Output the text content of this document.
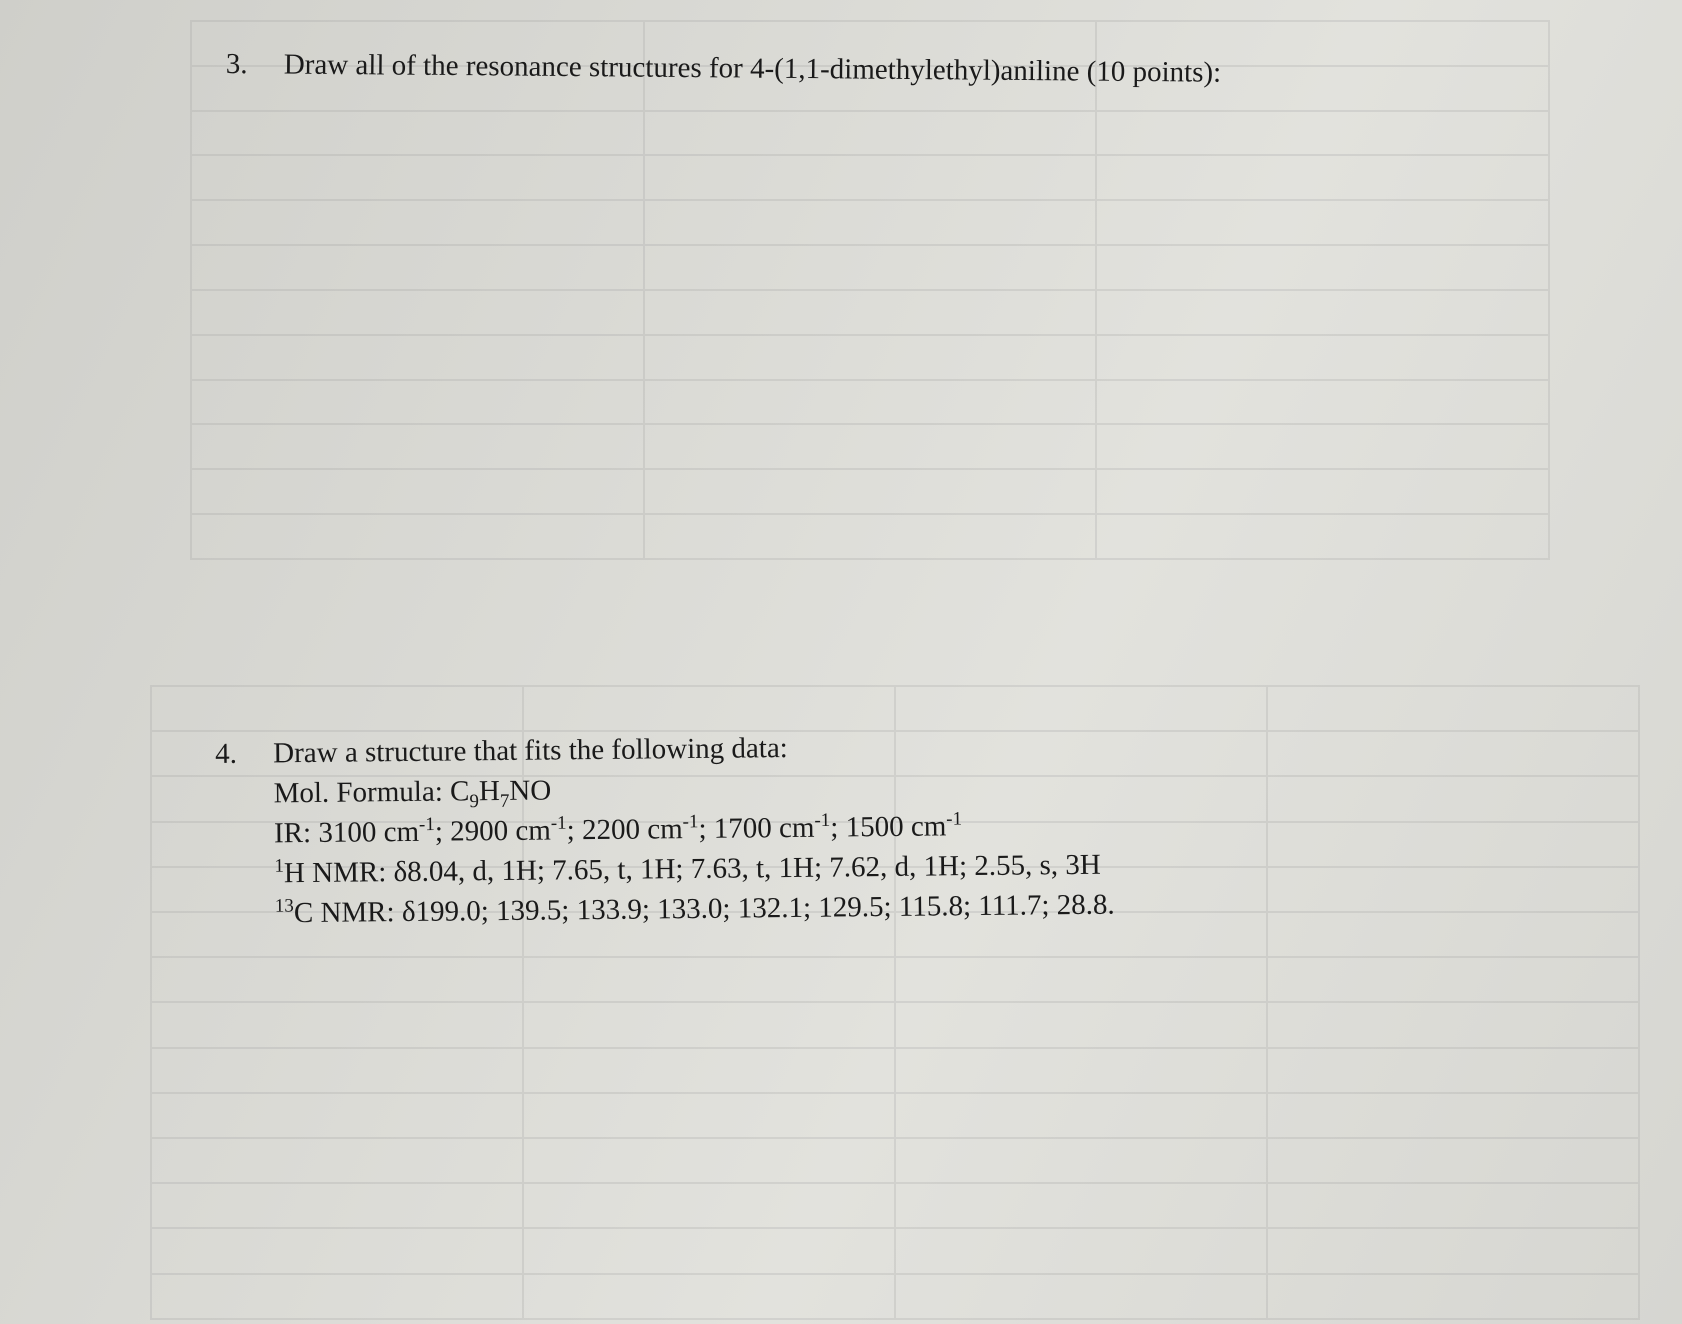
3. Draw all of the resonance structures for 4-(1,1-dimethylethyl)aniline (10 points):
4. Draw a structure that fits the following data:
Mol. Formula: $C_9H_7NO$
IR: 3100 $cm^{-1}$; 2900 $cm^{-1}$; 2200 $cm^{-1}$; 1700 $cm^{-1}$; 1500 $cm^{-1}$
$^1$H NMR: δ8.04, d, 1H; 7.65, t, 1H; 7.63, t, 1H; 7.62, d, 1H; 2.55, s, 3H
$^{13}$C NMR: δ199.0; 139.5; 133.9; 133.0; 132.1; 129.5; 115.8; 111.7; 28.8.
